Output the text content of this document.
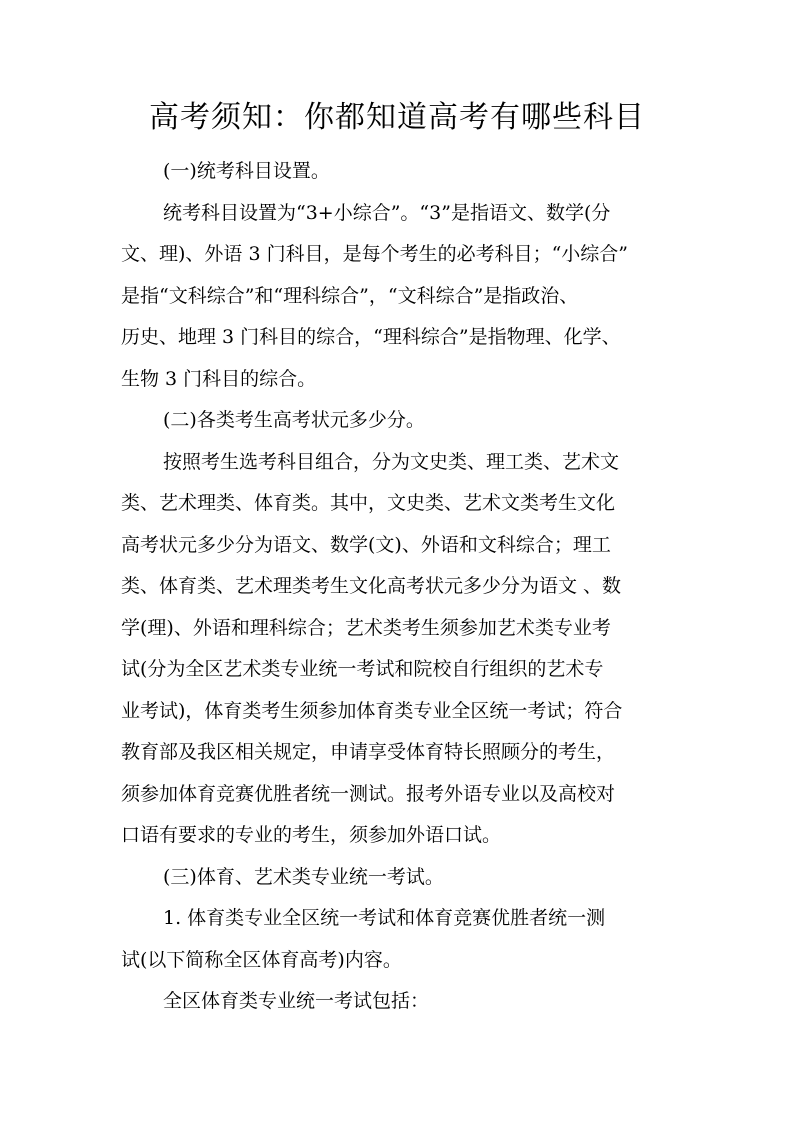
高考须知：你都知道高考有哪些科目
(一)统考科目设置。
统考科目设置为“3+小综合”。“3”是指语文、数学(分
文、理)、外语 3 门科目，是每个考生的必考科目；“小综合”
是指“文科综合”和“理科综合”，“文科综合”是指政治、
历史、地理 3 门科目的综合，“理科综合”是指物理、化学、
生物 3 门科目的综合。
(二)各类考生高考状元多少分。
按照考生选考科目组合，分为文史类、理工类、艺术文
类、艺术理类、体育类。其中，文史类、艺术文类考生文化
高考状元多少分为语文、数学(文)、外语和文科综合；理工
类、体育类、艺术理类考生文化高考状元多少分为语文 、数
学(理)、外语和理科综合；艺术类考生须参加艺术类专业考
试(分为全区艺术类专业统一考试和院校自行组织的艺术专
业考试)，体育类考生须参加体育类专业全区统一考试；符合
教育部及我区相关规定，申请享受体育特长照顾分的考生，
须参加体育竞赛优胜者统一测试。报考外语专业以及高校对
口语有要求的专业的考生，须参加外语口试。
(三)体育、艺术类专业统一考试。
1. 体育类专业全区统一考试和体育竞赛优胜者统一测
试(以下简称全区体育高考)内容。
全区体育类专业统一考试包括：
